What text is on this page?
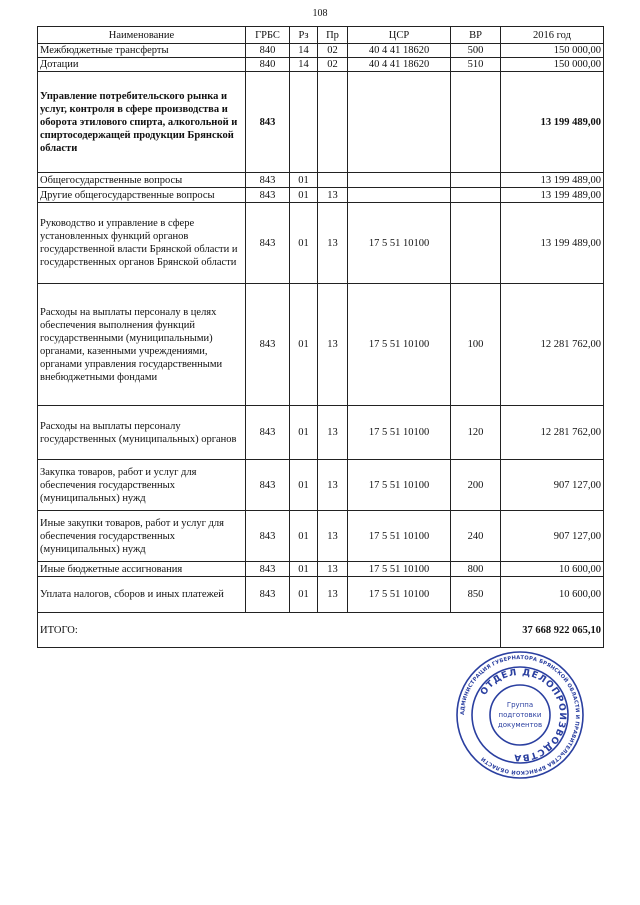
108
Наименование	ГРБС	Рз	Пр	ЦСР	ВР	2016 год
Межбюджетные трансферты	840	14	02	40 4 41 18620	500	150 000,00
Дотации	840	14	02	40 4 41 18620	510	150 000,00
Управление потребительского рынка и услуг, контроля в сфере производства и оборота этилового спирта, алкогольной и спиртосодержащей продукции Брянской области	843					13 199 489,00
Общегосударственные вопросы	843	01				13 199 489,00
Другие общегосударственные вопросы	843	01	13			13 199 489,00
Руководство и управление в сфере установленных функций органов государственной власти Брянской области и государственных органов Брянской области	843	01	13	17 5 51 10100		13 199 489,00
Расходы на выплаты персоналу в целях обеспечения выполнения функций государственными (муниципальными) органами, казенными учреждениями, органами управления государственными внебюджетными фондами	843	01	13	17 5 51 10100	100	12 281 762,00
Расходы на выплаты персоналу государственных (муниципальных) органов	843	01	13	17 5 51 10100	120	12 281 762,00
Закупка товаров, работ и услуг для обеспечения государственных (муниципальных) нужд	843	01	13	17 5 51 10100	200	907 127,00
Иные закупки товаров, работ и услуг для обеспечения государственных (муниципальных) нужд	843	01	13	17 5 51 10100	240	907 127,00
Иные бюджетные ассигнования	843	01	13	17 5 51 10100	800	10 600,00
Уплата налогов, сборов и иных платежей	843	01	13	17 5 51 10100	850	10 600,00
ИТОГО:						37 668 922 065,10
АДМИНИСТРАЦИЯ ГУБЕРНАТОРА БРЯНСКОЙ ОБЛАСТИ И ПРАВИТЕЛЬСТВА БРЯНСКОЙ ОБЛАСТИ
ОТДЕЛ ДЕЛОПРОИЗВОДСТВА
Группа
подготовки
документов
